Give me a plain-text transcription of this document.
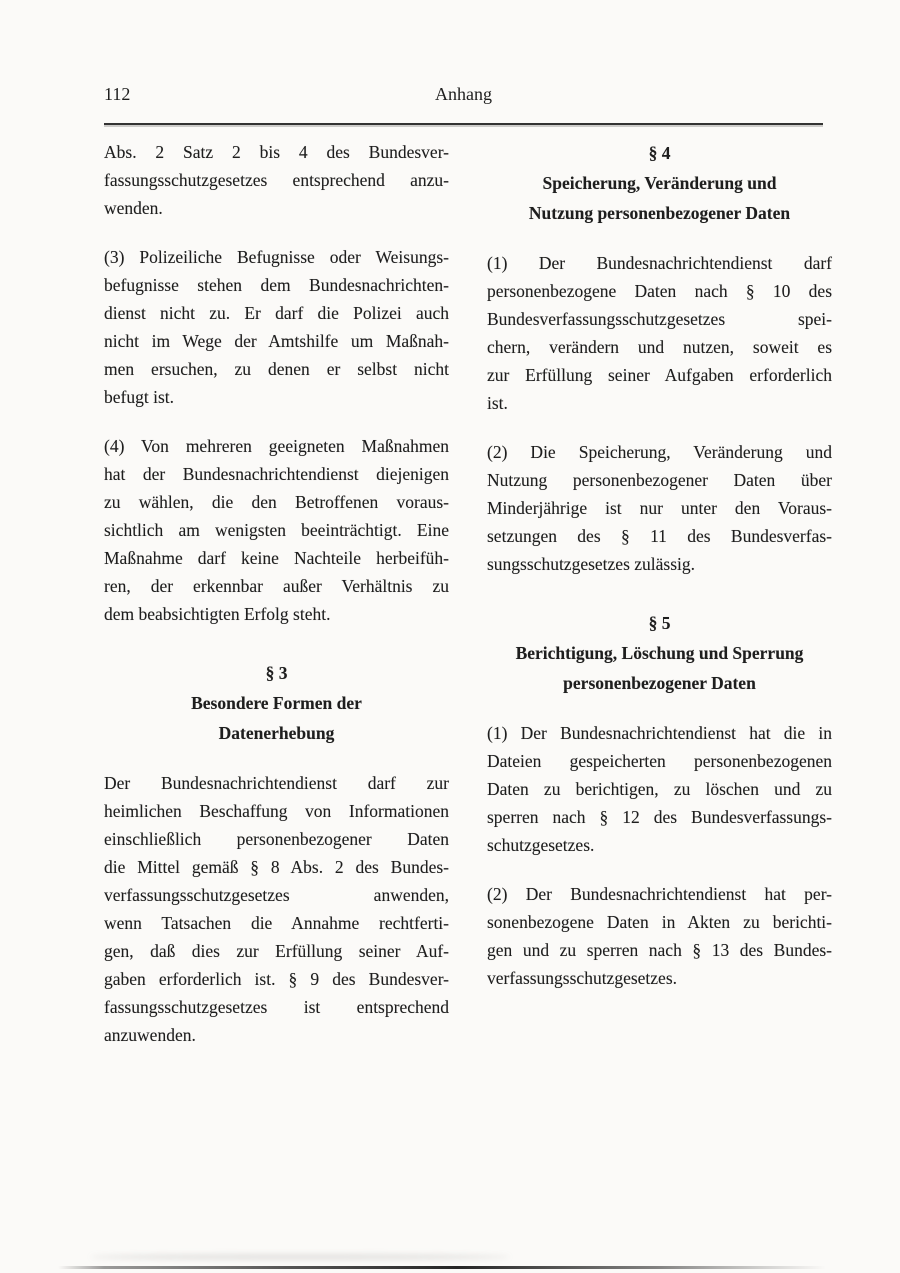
112	Anhang
Abs. 2 Satz 2 bis 4 des Bundesver-
fassungsschutzgesetzes entsprechend anzu-
wenden.
(3) Polizeiliche Befugnisse oder Weisungs-
befugnisse stehen dem Bundesnachrichten-
dienst nicht zu. Er darf die Polizei auch
nicht im Wege der Amtshilfe um Maßnah-
men ersuchen, zu denen er selbst nicht
befugt ist.
(4) Von mehreren geeigneten Maßnahmen
hat der Bundesnachrichtendienst diejenigen
zu wählen, die den Betroffenen voraus-
sichtlich am wenigsten beeinträchtigt. Eine
Maßnahme darf keine Nachteile herbeifüh-
ren, der erkennbar außer Verhältnis zu
dem beabsichtigten Erfolg steht.
§ 3
Besondere Formen der
Datenerhebung
Der Bundesnachrichtendienst darf zur
heimlichen Beschaffung von Informationen
einschließlich personenbezogener Daten
die Mittel gemäß § 8 Abs. 2 des Bundes-
verfassungsschutzgesetzes anwenden,
wenn Tatsachen die Annahme rechtferti-
gen, daß dies zur Erfüllung seiner Auf-
gaben erforderlich ist. § 9 des Bundesver-
fassungsschutzgesetzes ist entsprechend
anzuwenden.
§ 4
Speicherung, Veränderung und
Nutzung personenbezogener Daten
(1) Der Bundesnachrichtendienst darf
personenbezogene Daten nach § 10 des
Bundesverfassungsschutzgesetzes spei-
chern, verändern und nutzen, soweit es
zur Erfüllung seiner Aufgaben erforderlich
ist.
(2) Die Speicherung, Veränderung und
Nutzung personenbezogener Daten über
Minderjährige ist nur unter den Voraus-
setzungen des § 11 des Bundesverfas-
sungsschutzgesetzes zulässig.
§ 5
Berichtigung, Löschung und Sperrung
personenbezogener Daten
(1) Der Bundesnachrichtendienst hat die in
Dateien gespeicherten personenbezogenen
Daten zu berichtigen, zu löschen und zu
sperren nach § 12 des Bundesverfassungs-
schutzgesetzes.
(2) Der Bundesnachrichtendienst hat per-
sonenbezogene Daten in Akten zu berichti-
gen und zu sperren nach § 13 des Bundes-
verfassungsschutzgesetzes.
